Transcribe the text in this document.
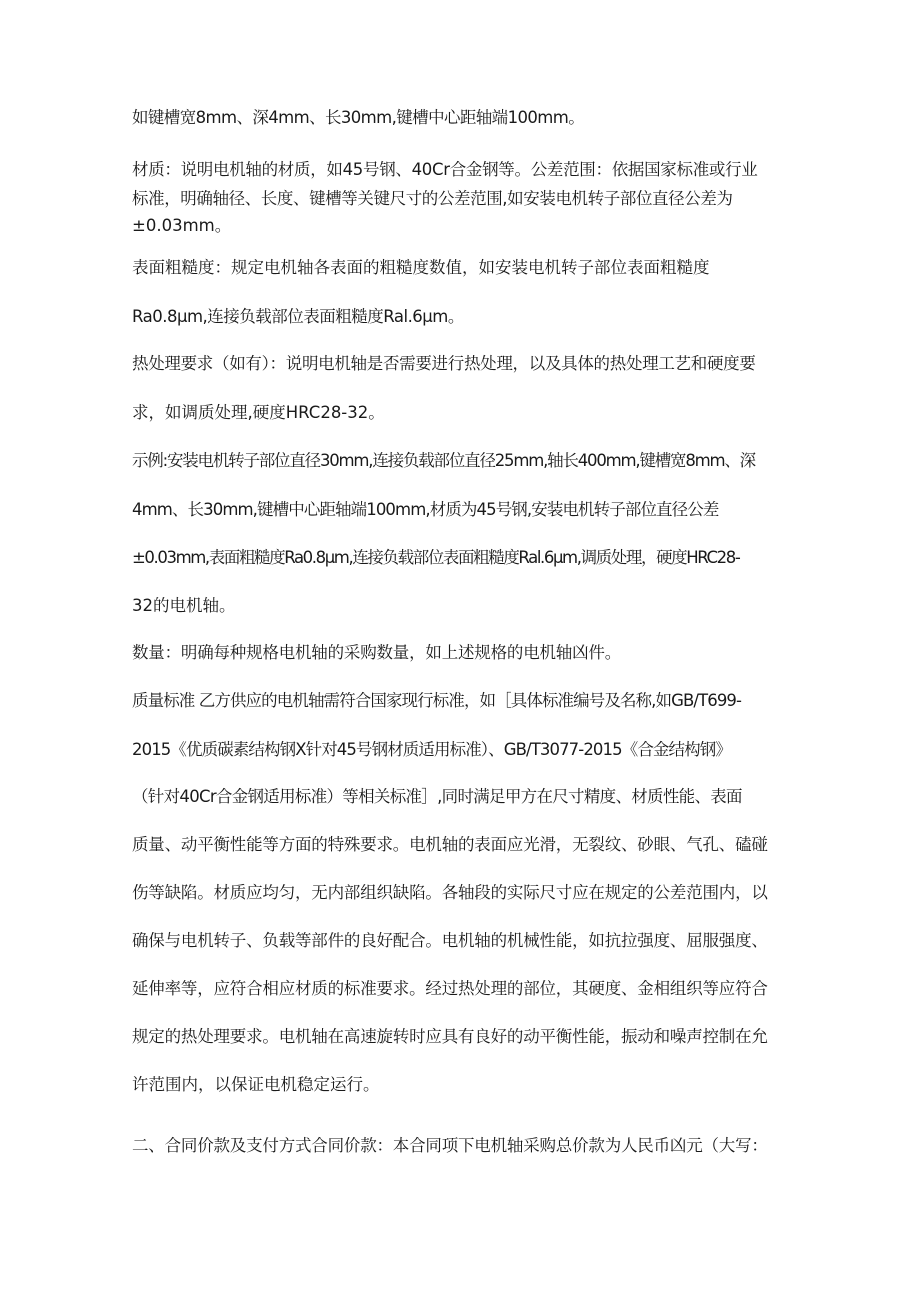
如键槽宽8mm、深4mm、长30mm,键槽中心距轴端100mm。
材质：说明电机轴的材质，如45号钢、40Cr合金钢等。公差范围：依据国家标准或行业
标准，明确轴径、长度、键槽等关键尺寸的公差范围,如安装电机转子部位直径公差为
±0.03mm。
表面粗糙度：规定电机轴各表面的粗糙度数值，如安装电机转子部位表面粗糙度
Ra0.8μm,连接负载部位表面粗糙度Ral.6μm。
热处理要求（如有）：说明电机轴是否需要进行热处理，以及具体的热处理工艺和硬度要
求，如调质处理,硬度HRC28-32。
示例:安装电机转子部位直径30mm,连接负载部位直径25mm,轴长400mm,键槽宽8mm、深
4mm、长30mm,键槽中心距轴端100mm,材质为45号钢,安装电机转子部位直径公差
±0.03mm,表面粗糙度Ra0.8μm,连接负载部位表面粗糙度Ral.6μm,调质处理，硬度HRC28-
32的电机轴。
数量：明确每种规格电机轴的采购数量，如上述规格的电机轴凶件。
质量标准 乙方供应的电机轴需符合国家现行标准，如［具体标准编号及名称,如GB/T699-
2015《优质碳素结构钢X针对45号钢材质适用标准）、GB/T3077-2015《合金结构钢》
（针对40Cr合金钢适用标准）等相关标准］,同时满足甲方在尺寸精度、材质性能、表面
质量、动平衡性能等方面的特殊要求。电机轴的表面应光滑，无裂纹、砂眼、气孔、磕碰
伤等缺陷。材质应均匀，无内部组织缺陷。各轴段的实际尺寸应在规定的公差范围内，以
确保与电机转子、负载等部件的良好配合。电机轴的机械性能，如抗拉强度、屈服强度、
延伸率等，应符合相应材质的标准要求。经过热处理的部位，其硬度、金相组织等应符合
规定的热处理要求。电机轴在高速旋转时应具有良好的动平衡性能，振动和噪声控制在允
许范围内，以保证电机稳定运行。
二、合同价款及支付方式合同价款：本合同项下电机轴采购总价款为人民币凶元（大写：
